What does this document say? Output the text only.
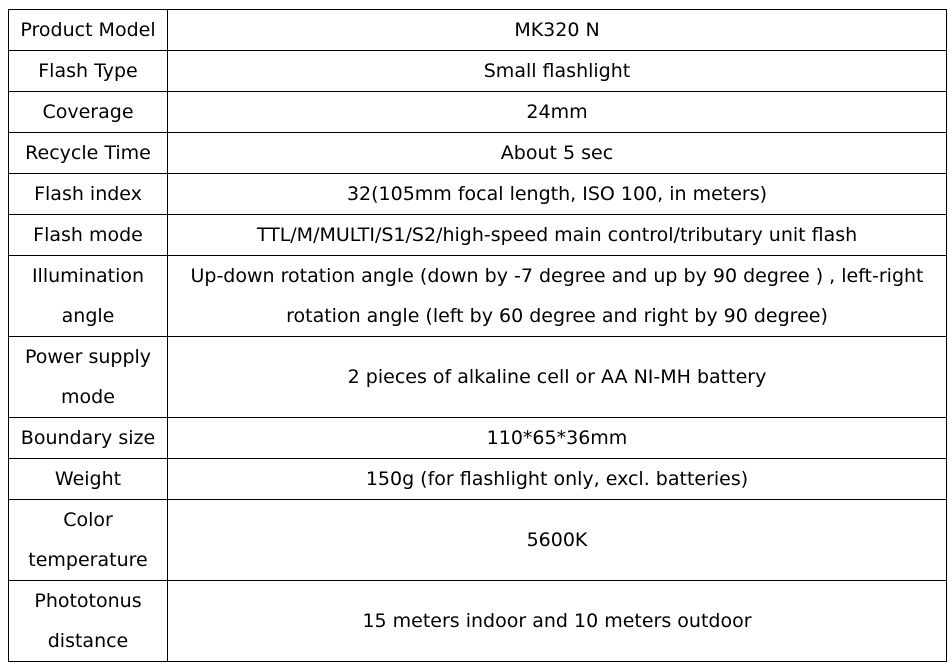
Product Model	MK320 N
Flash Type	Small flashlight
Coverage	24mm
Recycle Time	About 5 sec
Flash index	32(105mm focal length, ISO 100, in meters)
Flash mode	TTL/M/MULTI/S1/S2/high-speed main control/tributary unit flash
Illumination angle	Up-down rotation angle (down by -7 degree and up by 90 degree ) , left-right rotation angle (left by 60 degree and right by 90 degree)
Power supply mode	2 pieces of alkaline cell or AA NI-MH battery
Boundary size	110*65*36mm
Weight	150g (for flashlight only, excl. batteries)
Color temperature	5600K
Phototonus distance	15 meters indoor and 10 meters outdoor
